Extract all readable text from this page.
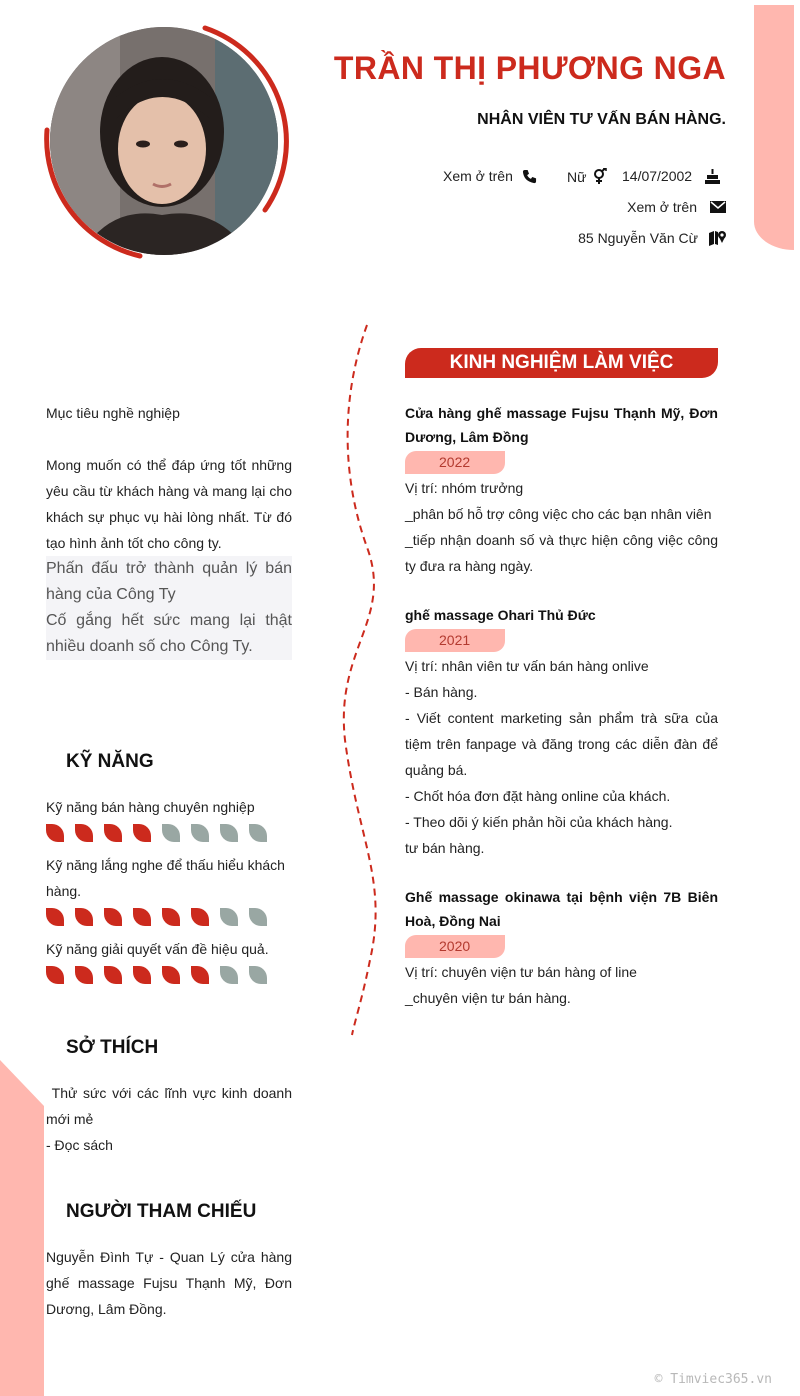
TRẦN THỊ PHƯƠNG NGA
NHÂN VIÊN TƯ VẤN BÁN HÀNG.
Xem ở trên	Nữ	14/07/2002
Xem ở trên
85 Nguyễn Văn Cừ
Mục tiêu nghề nghiệp
Mong muốn có thể đáp ứng tốt những yêu cầu từ khách hàng và mang lại cho khách sự phục vụ hài lòng nhất. Từ đó tạo hình ảnh tốt cho công ty.
Phấn đấu trở thành quản lý bán hàng của Công Ty
Cố gắng hết sức mang lại thật nhiều doanh số cho Công Ty.
KỸ NĂNG
Kỹ năng bán hàng chuyên nghiệp
Kỹ năng lắng nghe để thấu hiểu khách hàng.
Kỹ năng giải quyết vấn đề hiệu quả.
SỞ THÍCH
Thử sức với các lĩnh vực kinh doanh mới mẻ
- Đọc sách
NGƯỜI THAM CHIẾU
Nguyễn Đình Tự - Quan Lý cửa hàng ghế massage Fujsu Thạnh Mỹ, Đơn Dương, Lâm Đồng.
KINH NGHIỆM LÀM VIỆC
Cửa hàng ghế massage Fujsu Thạnh Mỹ, Đơn Dương, Lâm Đồng
2022
Vị trí: nhóm trưởng
_phân bố hỗ trợ công việc cho các bạn nhân viên
_tiếp nhận doanh số và thực hiện công việc công ty đưa ra hàng ngày.
ghế massage Ohari Thủ Đức
2021
Vị trí: nhân viên tư vấn bán hàng onlive
- Bán hàng.
- Viết content marketing sản phẩm trà sữa của tiệm trên fanpage và đăng trong các diễn đàn để quảng bá.
- Chốt hóa đơn đặt hàng online của khách.
- Theo dõi ý kiến phản hồi của khách hàng.
tư bán hàng.
Ghế massage okinawa tại bệnh viện 7B Biên Hoà, Đồng Nai
2020
Vị trí: chuyên viện tư bán hàng of line
_chuyên viện tư bán hàng.
© Timviec365.vn
